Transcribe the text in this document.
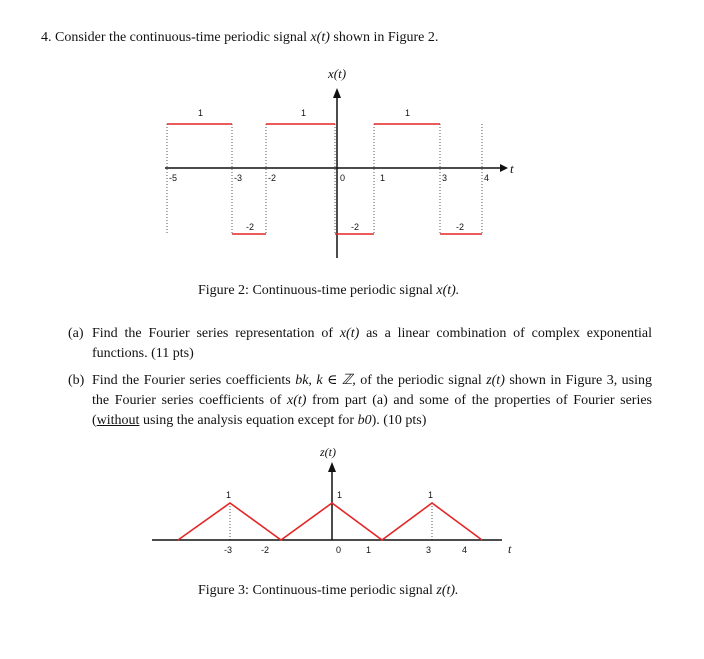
4. Consider the continuous-time periodic signal x(t) shown in Figure 2.
1	1	1
-2	-2	-2
-5	-3	-2	0	1	3	4
x(t)
t
Figure 2: Continuous-time periodic signal x(t).
(a) Find the Fourier series representation of x(t) as a linear combination of complex exponential functions. (11 pts)
(b) Find the Fourier series coefficients bk, k ∈ ℤ, of the periodic signal z(t) shown in Figure 3, using the Fourier series coefficients of x(t) from part (a) and some of the properties of Fourier series (without using the analysis equation except for b0). (10 pts)
1	1	1
-3	-2	0	1	3	4
z(t)
t
Figure 3: Continuous-time periodic signal z(t).
